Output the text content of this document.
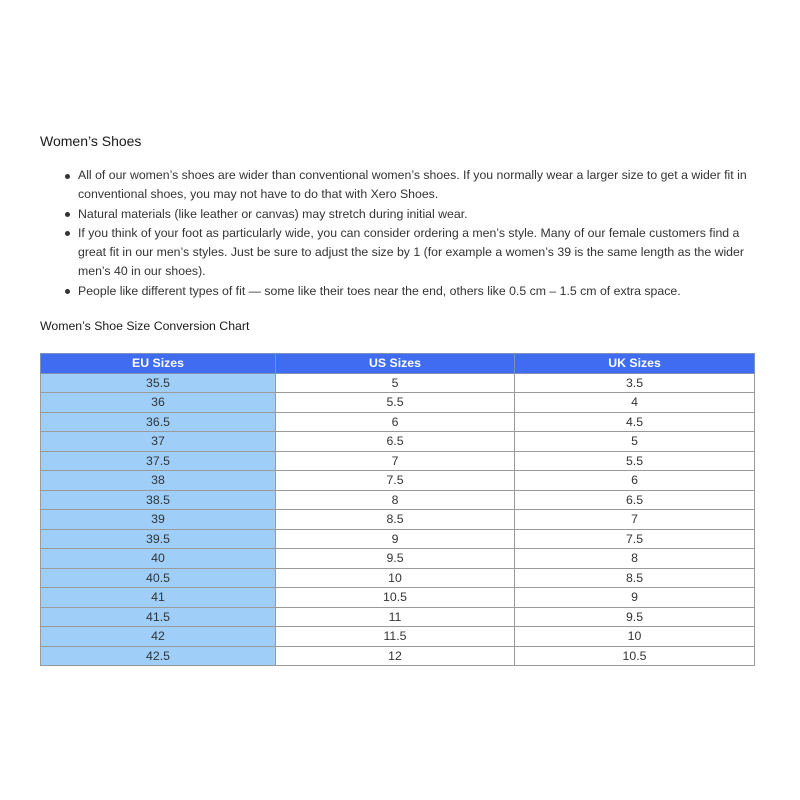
Women’s Shoes
All of our women’s shoes are wider than conventional women’s shoes. If you normally wear a larger size to get a wider fit in conventional shoes, you may not have to do that with Xero Shoes.
Natural materials (like leather or canvas) may stretch during initial wear.
If you think of your foot as particularly wide, you can consider ordering a men’s style. Many of our female customers find a great fit in our men’s styles. Just be sure to adjust the size by 1 (for example a women’s 39 is the same length as the wider men’s 40 in our shoes).
People like different types of fit — some like their toes near the end, others like 0.5 cm – 1.5 cm of extra space.
Women’s Shoe Size Conversion Chart
EU Sizes	US Sizes	UK Sizes
35.5	5	3.5
36	5.5	4
36.5	6	4.5
37	6.5	5
37.5	7	5.5
38	7.5	6
38.5	8	6.5
39	8.5	7
39.5	9	7.5
40	9.5	8
40.5	10	8.5
41	10.5	9
41.5	11	9.5
42	11.5	10
42.5	12	10.5
